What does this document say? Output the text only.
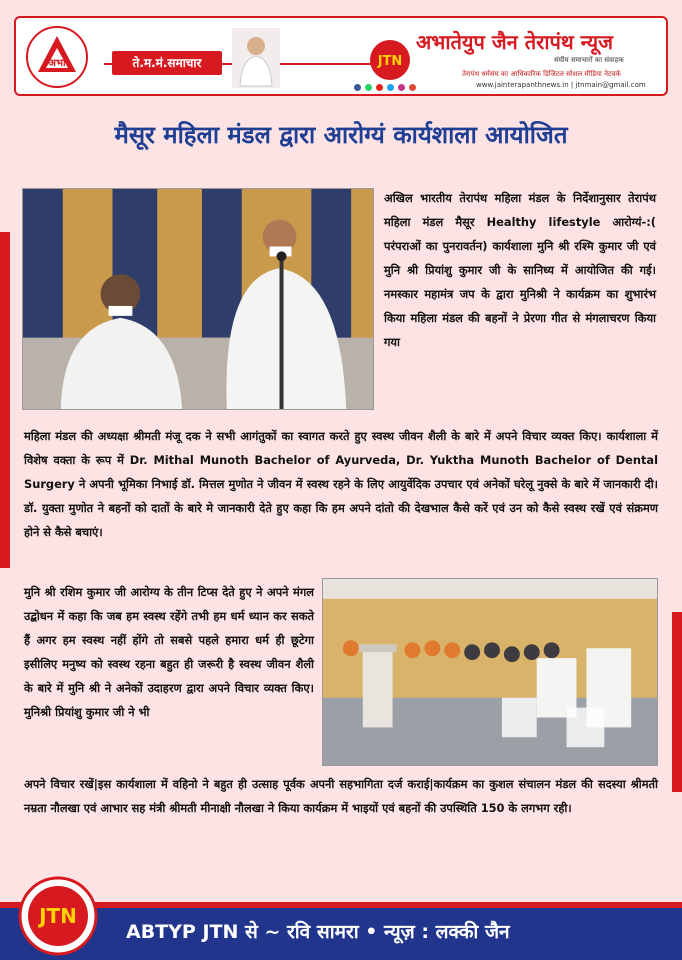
अभा	ते.म.मं.समाचार	JTN
अभातेयुप जैन तेरापंथ न्यूज
संघीय समाचारों का संवाहक
तेरापंथ धर्मसंघ का आधिकारिक डिजिटल सोशल मीडिया नेटवर्क
www.jainterapanthnews.in | jtnmain@gmail.com
मैसूर महिला मंडल द्वारा आरोग्यं कार्यशाला आयोजित
अखिल भारतीय तेरापंथ महिला मंडल के निर्देशानुसार तेरापंथ महिला मंडल मैसूर Healthy lifestyle आरोग्यं-:( परंपराओं का पुनरावर्तन) कार्यशाला मुनि श्री रश्मि कुमार जी एवं मुनि श्री प्रियांशु कुमार जी के सानिध्य में आयोजित की गई। नमस्कार महामंत्र जप के द्वारा मुनिश्री ने कार्यक्रम का शुभारंभ किया महिला मंडल की बहनों ने प्रेरणा गीत से मंगलाचरण किया गया
महिला मंडल की अध्यक्षा श्रीमती मंजू दक ने सभी आगंतुकों का स्वागत करते हुए स्वस्थ जीवन शैली के बारे में अपने विचार व्यक्त किए। कार्यशाला में विशेष वक्ता के रूप में Dr. Mithal Munoth Bachelor of Ayurveda, Dr. Yuktha Munoth Bachelor of Dental Surgery ने अपनी भूमिका निभाई डॉ. मित्तल मुणोत ने जीवन में स्वस्थ रहने के लिए आयुर्वेदिक उपचार एवं अनेकों घरेलू नुक्से के बारे में जानकारी दी। डॉ. युक्ता मुणोत ने बहनों को दातों के बारे मे जानकारी देते हुए कहा कि हम अपने दांतो की देखभाल कैसे करें एवं उन को कैसे स्वस्थ रखें एवं संक्रमण होने से कैसे बचाएं।
मुनि श्री रशिम कुमार जी आरोग्य के तीन टिप्स देते हुए ने अपने मंगल उद्बोधन में कहा कि जब हम स्वस्थ रहेंगे तभी हम धर्म ध्यान कर सकते हैं अगर हम स्वस्थ नहीं होंगे तो सबसे पहले हमारा धर्म ही छूटेगा इसीलिए मनुष्य को स्वस्थ रहना बहुत ही जरूरी है स्वस्थ जीवन शैली के बारे में मुनि श्री ने अनेकों उदाहरण द्वारा अपने विचार व्यक्त किए। मुनिश्री प्रियांशु कुमार जी ने भी
अपने विचार रखें|इस कार्यशाला में वहिनो ने बहुत ही उत्साह पूर्वक अपनी सहभागिता दर्ज कराई|कार्यक्रम का कुशल संचालन मंडल की सदस्या श्रीमती नम्रता नौलखा एवं आभार सह मंत्री श्रीमती मीनाक्षी नौलखा ने किया कार्यक्रम में भाइयों एवं बहनों की उपस्थिति 150 के लगभग रही।
JTN
ABTYP JTN से ~ रवि सामरा • न्यूज़ : लक्की जैन
